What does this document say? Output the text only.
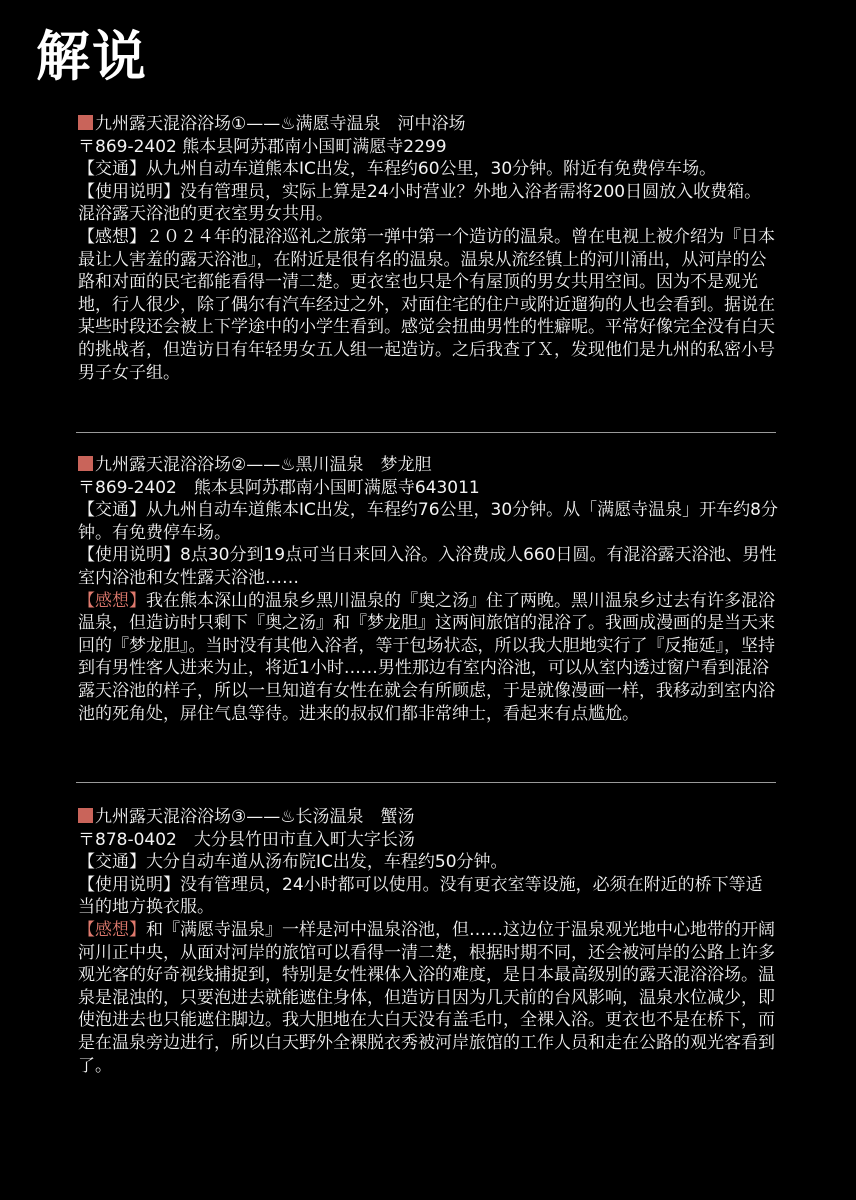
解说

九州露天混浴浴场①——♨满愿寺温泉　河中浴场

〒869-2402 熊本县阿苏郡南小国町满愿寺2299

【交通】从九州自动车道熊本IC出发，车程约60公里，30分钟。附近有免费停车场。

【使用说明】没有管理员，实际上算是24小时营业？外地入浴者需将200日圆放入收费箱。混浴露天浴池的更衣室男女共用。

【感想】２０２４年的混浴巡礼之旅第一弹中第一个造访的温泉。曾在电视上被介绍为『日本最让人害羞的露天浴池』，在附近是很有名的温泉。温泉从流经镇上的河川涌出，从河岸的公路和对面的民宅都能看得一清二楚。更衣室也只是个有屋顶的男女共用空间。因为不是观光地，行人很少，除了偶尔有汽车经过之外，对面住宅的住户或附近遛狗的人也会看到。据说在某些时段还会被上下学途中的小学生看到。感觉会扭曲男性的性癖呢。平常好像完全没有白天的挑战者，但造访日有年轻男女五人组一起造访。之后我查了Ｘ，发现他们是九州的私密小号男子女子组。

九州露天混浴浴场②——♨黑川温泉　梦龙胆

〒869-2402　熊本县阿苏郡南小国町满愿寺643011

【交通】从九州自动车道熊本IC出发，车程约76公里，30分钟。从「满愿寺温泉」开车约8分钟。有免费停车场。

【使用说明】8点30分到19点可当日来回入浴。入浴费成人660日圆。有混浴露天浴池、男性室内浴池和女性露天浴池……

【感想】我在熊本深山的温泉乡黑川温泉的『奥之汤』住了两晚。黑川温泉乡过去有许多混浴温泉，但造访时只剩下『奥之汤』和『梦龙胆』这两间旅馆的混浴了。我画成漫画的是当天来回的『梦龙胆』。当时没有其他入浴者，等于包场状态，所以我大胆地实行了『反拖延』，坚持到有男性客人进来为止，将近1小时……男性那边有室内浴池，可以从室内透过窗户看到混浴露天浴池的样子，所以一旦知道有女性在就会有所顾虑，于是就像漫画一样，我移动到室内浴池的死角处，屏住气息等待。进来的叔叔们都非常绅士，看起来有点尴尬。

九州露天混浴浴场③——♨长汤温泉　蟹汤

〒878-0402　大分县竹田市直入町大字长汤

【交通】大分自动车道从汤布院IC出发，车程约50分钟。

【使用说明】没有管理员，24小时都可以使用。没有更衣室等设施，必须在附近的桥下等适当的地方换衣服。

【感想】和『满愿寺温泉』一样是河中温泉浴池，但……这边位于温泉观光地中心地带的开阔河川正中央，从面对河岸的旅馆可以看得一清二楚，根据时期不同，还会被河岸的公路上许多观光客的好奇视线捕捉到，特别是女性裸体入浴的难度，是日本最高级别的露天混浴浴场。温泉是混浊的，只要泡进去就能遮住身体，但造访日因为几天前的台风影响，温泉水位减少，即使泡进去也只能遮住脚边。我大胆地在大白天没有盖毛巾，全裸入浴。更衣也不是在桥下，而是在温泉旁边进行，所以白天野外全裸脱衣秀被河岸旅馆的工作人员和走在公路的观光客看到了。
